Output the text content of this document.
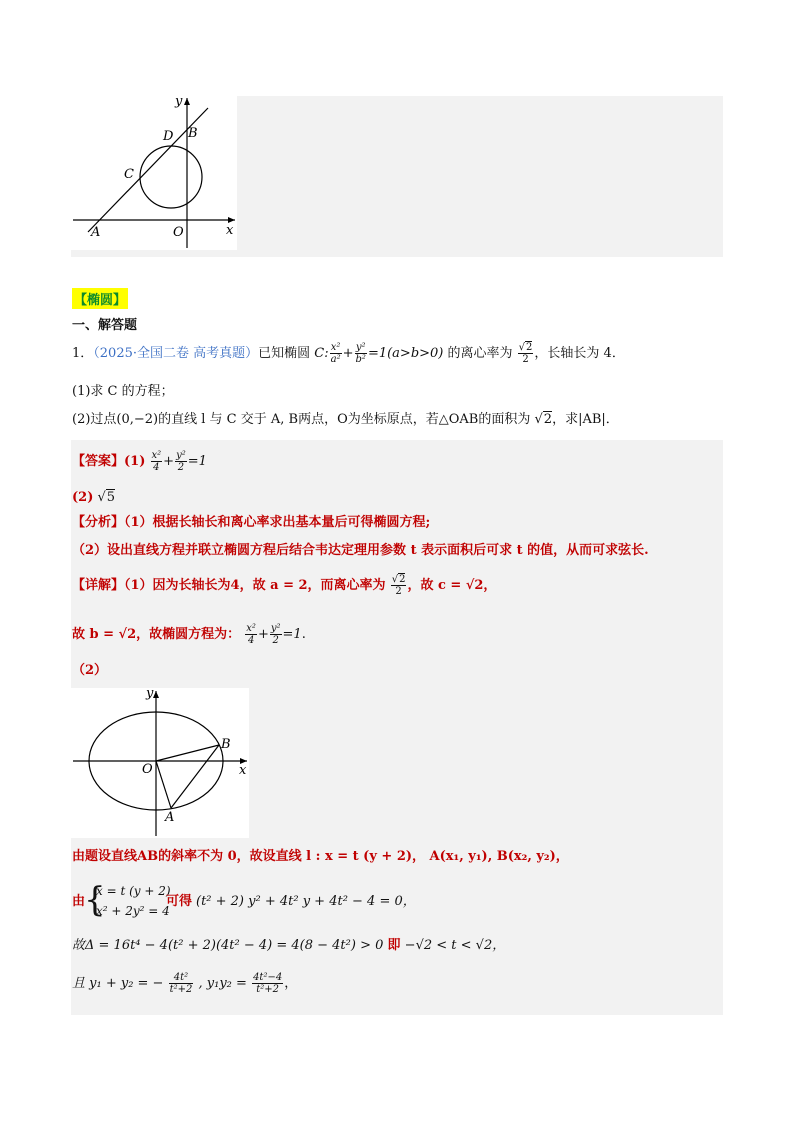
y
x
O
A
B
C
D
【椭圆】
一、解答题
1．（2025·全国二卷 高考真题）已知椭圆 C: $\frac{\text{x²}}{\text{a²}} + \frac{\text{y²}}{\text{b²}} =1(a>b>0)$ 的离心率为 $\frac{√2}{2}$ ，长轴长为 4．
(1)求 C 的方程；
(2)过点(0,−2)的直线 l 与 C 交于 A, B两点，O为坐标原点，若△OAB的面积为 √2，求|AB|．
【答案】$(1) \frac{\text{x²}}{4} + \frac{\text{y²}}{2} =1$
(2) √5
【分析】（1）根据长轴长和离心率求出基本量后可得椭圆方程;
（2）设出直线方程并联立椭圆方程后结合韦达定理用参数 t 表示面积后可求 t 的值，从而可求弦长.
【详解】（1）因为长轴长为4，故 a = 2，而离心率为 $\frac{√2}{2}$ ，故 c = √2，
故 b = √2，故椭圆方程为： $\frac{\text{x²}}{4} + \frac{\text{y²}}{2} =1$.
（2）
y
x
O
B
A
由题设直线AB的斜率不为 0，故设直线 l : x = t (y + 2)， A(x₁, y₁), B(x₂, y₂)，
由
{
x = t (y + 2)
x² + 2y² = 4
可得 (t² + 2) y² + 4t² y + 4t² − 4 = 0，
故Δ = 16t⁴ − 4(t² + 2)(4t² − 4) = 4(8 − 4t²) > 0 即 −√2 < t < √2，
且 y₁ + y₂ = − $\frac{\text{4t²}}{\text{t²+2}}$ , $y_1y_2 = \frac{\text{4t²−4}}{\text{t²+2}}$ ，
